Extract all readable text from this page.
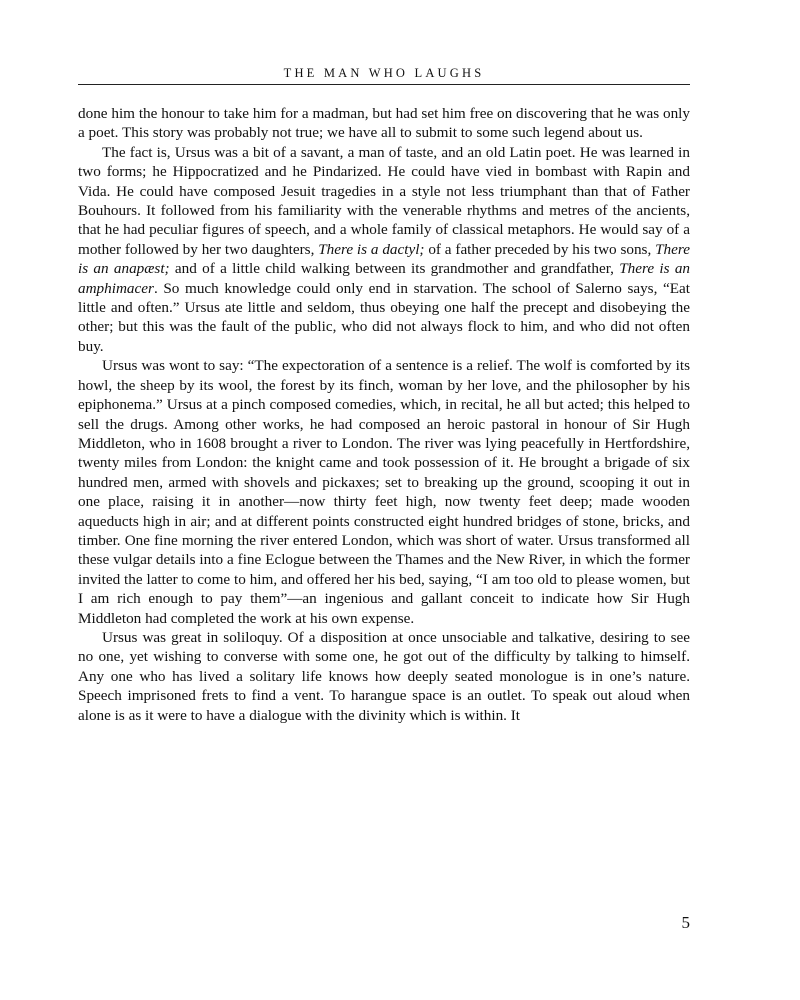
THE MAN WHO LAUGHS

done him the honour to take him for a madman, but had set him free on discovering that he was only a poet. This story was probably not true; we have all to submit to some such legend about us.

The fact is, Ursus was a bit of a savant, a man of taste, and an old Latin poet. He was learned in two forms; he Hippocratized and he Pindarized. He could have vied in bombast with Rapin and Vida. He could have composed Jesuit tragedies in a style not less triumphant than that of Father Bouhours. It followed from his familiarity with the venerable rhythms and metres of the ancients, that he had peculiar figures of speech, and a whole family of classical metaphors. He would say of a mother followed by her two daughters, There is a dactyl; of a father preceded by his two sons, There is an anapæst; and of a little child walking between its grandmother and grandfather, There is an amphimacer. So much knowledge could only end in starvation. The school of Salerno says, “Eat little and often.” Ursus ate little and seldom, thus obeying one half the precept and disobeying the other; but this was the fault of the public, who did not always flock to him, and who did not often buy.

Ursus was wont to say: “The expectoration of a sentence is a relief. The wolf is comforted by its howl, the sheep by its wool, the forest by its finch, woman by her love, and the philosopher by his epiphonema.” Ursus at a pinch composed comedies, which, in recital, he all but acted; this helped to sell the drugs. Among other works, he had composed an heroic pastoral in honour of Sir Hugh Middleton, who in 1608 brought a river to London. The river was lying peacefully in Hertfordshire, twenty miles from London: the knight came and took possession of it. He brought a brigade of six hundred men, armed with shovels and pickaxes; set to breaking up the ground, scooping it out in one place, raising it in another—now thirty feet high, now twenty feet deep; made wooden aqueducts high in air; and at different points constructed eight hundred bridges of stone, bricks, and timber. One fine morning the river entered London, which was short of water. Ursus transformed all these vulgar details into a fine Eclogue between the Thames and the New River, in which the former invited the latter to come to him, and offered her his bed, saying, “I am too old to please women, but I am rich enough to pay them”—an ingenious and gallant conceit to indicate how Sir Hugh Middleton had completed the work at his own expense.

Ursus was great in soliloquy. Of a disposition at once unsociable and talkative, desiring to see no one, yet wishing to converse with some one, he got out of the difficulty by talking to himself. Any one who has lived a solitary life knows how deeply seated monologue is in one’s nature. Speech imprisoned frets to find a vent. To harangue space is an outlet. To speak out aloud when alone is as it were to have a dialogue with the divinity which is within. It

5
